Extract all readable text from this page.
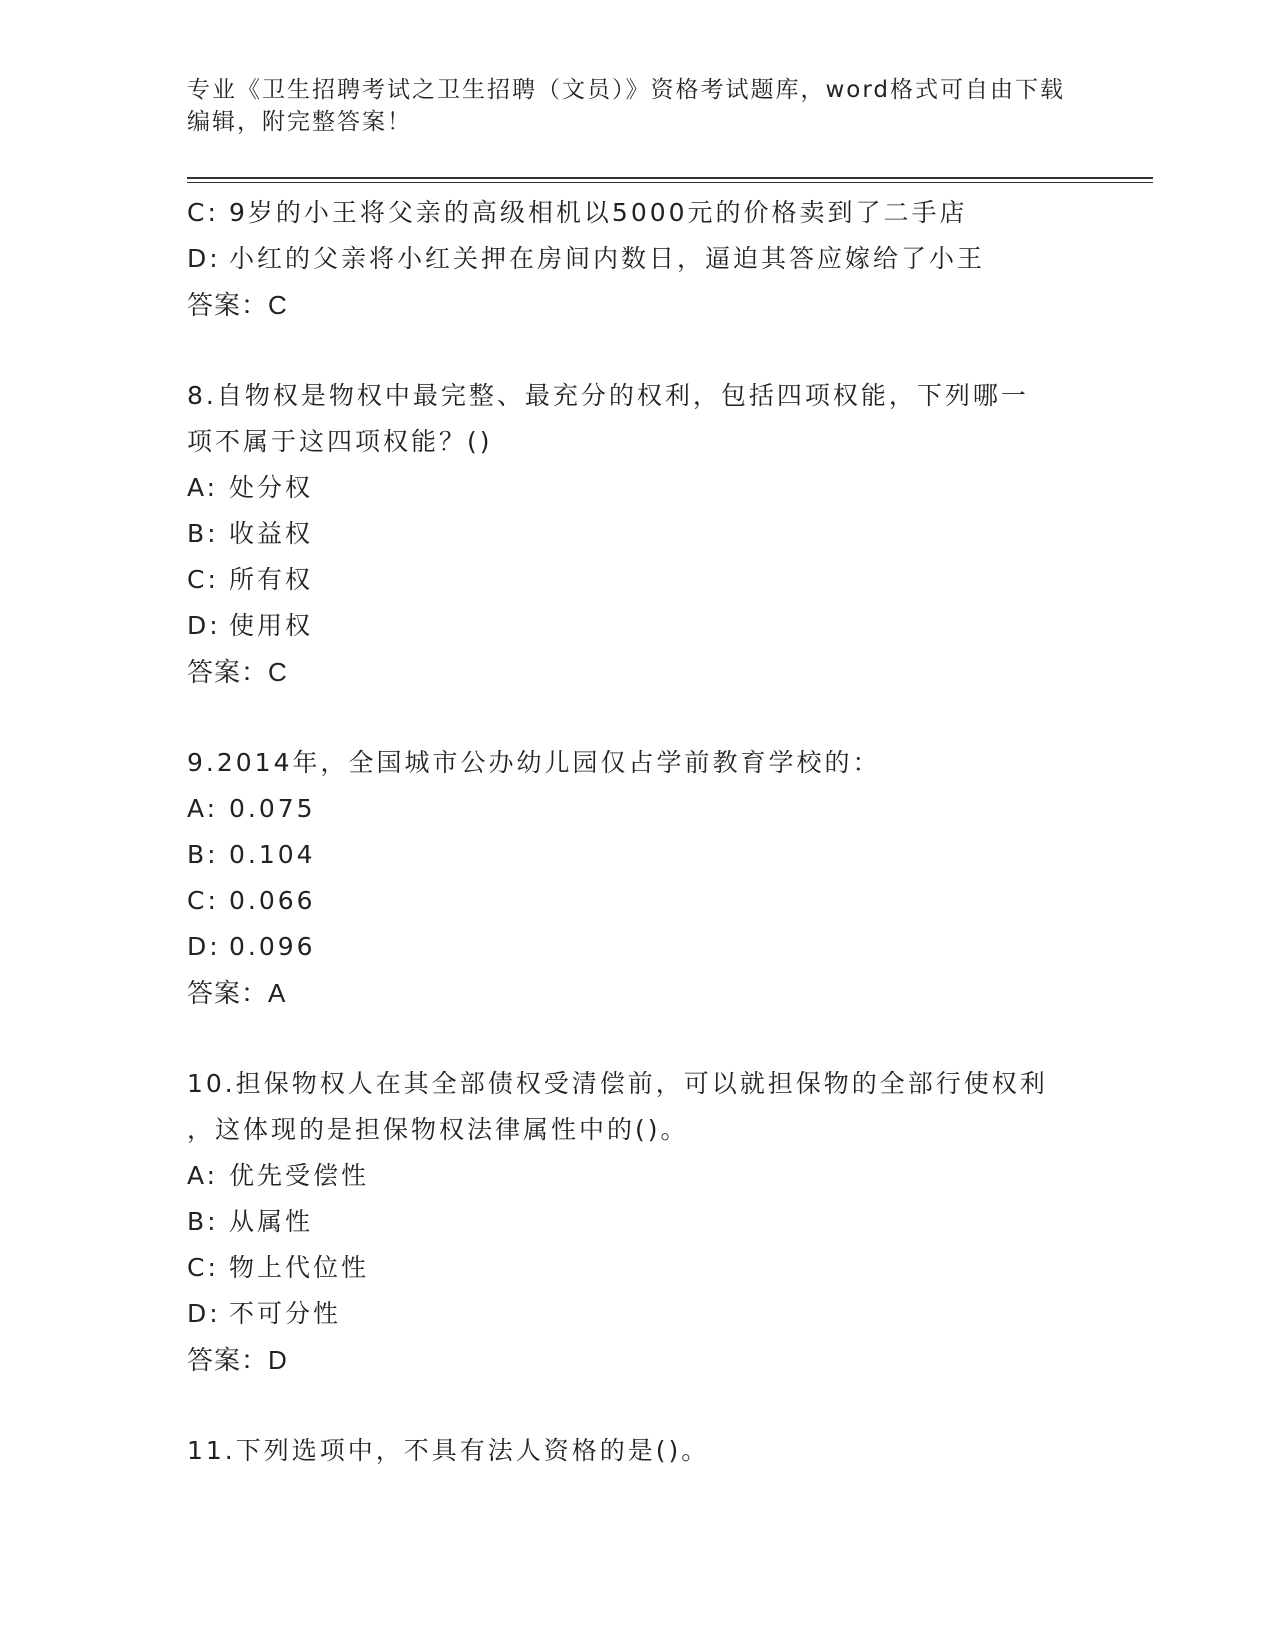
专业《卫生招聘考试之卫生招聘（文员）》资格考试题库，word格式可自由下载
编辑，附完整答案！
C: 9岁的小王将父亲的高级相机以5000元的价格卖到了二手店
D: 小红的父亲将小红关押在房间内数日，逼迫其答应嫁给了小王
答案：C
8.自物权是物权中最完整、最充分的权利，包括四项权能，下列哪一
项不属于这四项权能？()
A: 处分权
B: 收益权
C: 所有权
D: 使用权
答案：C
9.2014年，全国城市公办幼儿园仅占学前教育学校的：
A: 0.075
B: 0.104
C: 0.066
D: 0.096
答案：A
10.担保物权人在其全部债权受清偿前，可以就担保物的全部行使权利
，这体现的是担保物权法律属性中的()。
A: 优先受偿性
B: 从属性
C: 物上代位性
D: 不可分性
答案：D
11.下列选项中，不具有法人资格的是()。
